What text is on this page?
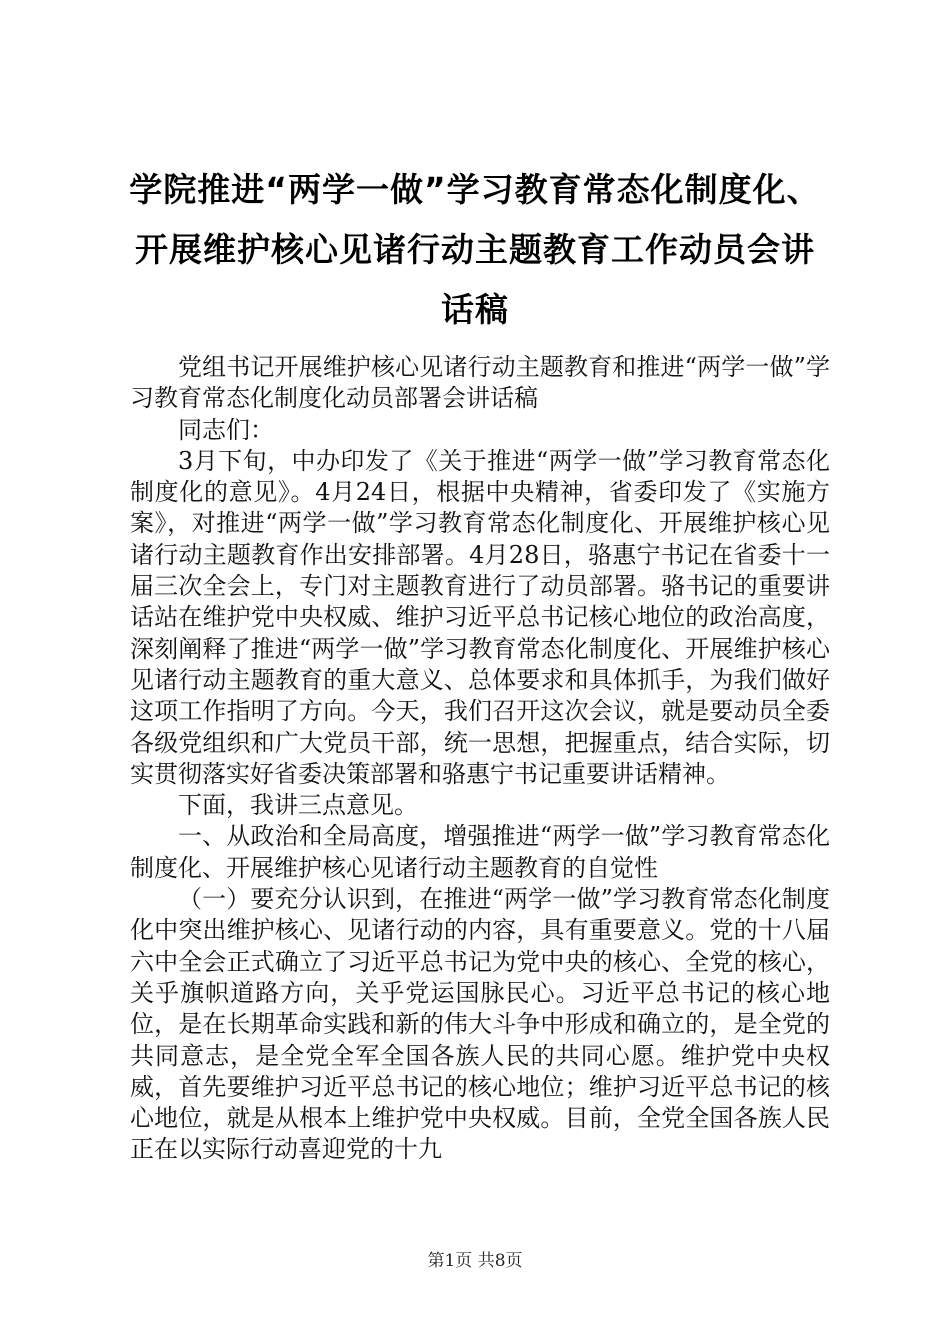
学院推进“两学一做”学习教育常态化制度化、开展维护核心见诸行动主题教育工作动员会讲话稿

党组书记开展维护核心见诸行动主题教育和推进“两学一做”学习教育常态化制度化动员部署会讲话稿

同志们：

3月下旬，中办印发了《关于推进“两学一做”学习教育常态化制度化的意见》。4月24日，根据中央精神，省委印发了《实施方案》，对推进“两学一做”学习教育常态化制度化、开展维护核心见诸行动主题教育作出安排部署。4月28日，骆惠宁书记在省委十一届三次全会上，专门对主题教育进行了动员部署。骆书记的重要讲话站在维护党中央权威、维护习近平总书记核心地位的政治高度，深刻阐释了推进“两学一做”学习教育常态化制度化、开展维护核心见诸行动主题教育的重大意义、总体要求和具体抓手，为我们做好这项工作指明了方向。今天，我们召开这次会议，就是要动员全委各级党组织和广大党员干部，统一思想，把握重点，结合实际，切实贯彻落实好省委决策部署和骆惠宁书记重要讲话精神。

下面，我讲三点意见。

一、从政治和全局高度，增强推进“两学一做”学习教育常态化制度化、开展维护核心见诸行动主题教育的自觉性

（一）要充分认识到，在推进“两学一做”学习教育常态化制度化中突出维护核心、见诸行动的内容，具有重要意义。党的十八届六中全会正式确立了习近平总书记为党中央的核心、全党的核心，关乎旗帜道路方向，关乎党运国脉民心。习近平总书记的核心地位，是在长期革命实践和新的伟大斗争中形成和确立的，是全党的共同意志，是全党全军全国各族人民的共同心愿。维护党中央权威，首先要维护习近平总书记的核心地位；维护习近平总书记的核心地位，就是从根本上维护党中央权威。目前，全党全国各族人民正在以实际行动喜迎党的十九

第1页 共8页
